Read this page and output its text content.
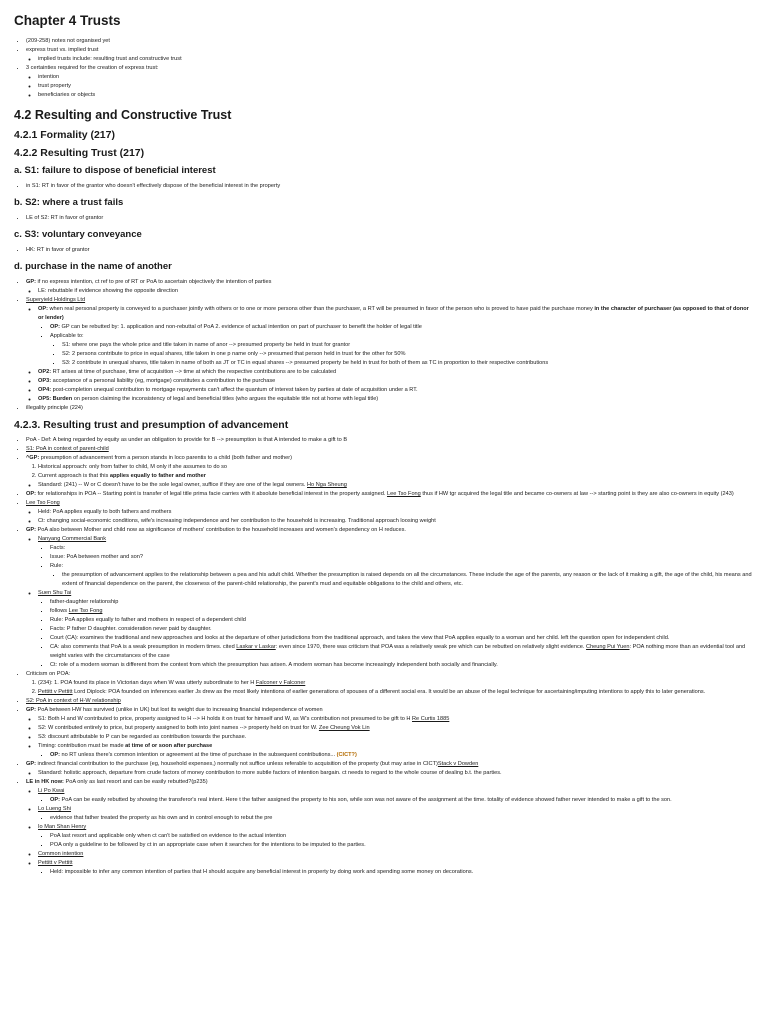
Chapter 4 Trusts
• (209-258) notes not organised yet
• express trust vs. implied trust
◦ implied trusts include: resulting trust and constructive trust
• 3 certainties required for the creation of express trust:
◦ intention
◦ trust property
◦ beneficiaries or objects
4.2 Resulting and Constructive Trust
4.2.1 Formality (217)
4.2.2 Resulting Trust (217)
a. S1: failure to dispose of beneficial interest
• in S1: RT in favor of the grantor who doesn't effectively dispose of the beneficial interest in the property
b. S2: where a trust fails
• LE of S2: RT in favor of grantor
c. S3: voluntary conveyance
• HK: RT in favor of grantor
d. purchase in the name of another
• GP: if no express intention, ct ref to pre of RT or PoA to ascertain objectively the intention of parties
◦ LE: rebuttable if evidence showing the opposite direction
• Superyield Holdings Ltd
◦ OP: when real personal property is conveyed to a purchaser jointly with others or to one or more persons other than the purchaser, a RT will be presumed in favor of the person who is proved to have paid the purchase money in the character of purchaser (as opposed to that of donor or lender)
▪ OP: GP can be rebutted by: 1. application and non-rebuttal of PoA 2. evidence of actual intention on part of purchaser to benefit the holder of legal title
▪ Applicable to:
▪ S1: where one pays the whole price and title taken in name of anor --> presumed property be held in trust for grantor
▪ S2: 2 persons contribute to price in equal shares, title taken in one p name only --> presumed that person held in trust for the other for 50%
▪ S3: 2 contribute in unequal shares, title taken in name of both as JT or TC in equal shares --> presumed property be held in trust for both of them as TC in proportion to their respective contributions
◦ OP2: RT arises at time of purchase, time of acquisition --> time at which the respective contributions are to be calculated
◦ OP3: acceptance of a personal liability (eg, mortgage) constitutes a contribution to the purchase
◦ OP4: post-completion unequal contribution to mortgage repayments can't affect the quantum of interest taken by parties at date of acquisition under a RT.
◦ OP5: Burden on person claiming the inconsistency of legal and beneficial titles (who argues the equitable title not at home with legal title)
• illegality principle (224)
4.2.3. Resulting trust and presumption of advancement
• PoA - Def: A being regarded by equity as under an obligation to provide for B --> presumption is that A intended to make a gift to B
• S1: PoA in context of parent-child
• ^GP: presumption of advancement from a person stands in loco parentis to a child (both father and mother)
1. Historical approach: only from father to child, M only if she assumes to do so
2. Current approach is that this applies equally to father and mother
◦ Standard: (241) -- W or C doesn't have to be the sole legal owner, suffice if they are one of the legal owners. Ho Nga Sheung
• OP: for relationships in POA -- Starting point is transfer of legal title prima facie carries with it absolute beneficial interest in the property assigned. Lee Tso Fong thus if HW tgr acquired the legal title and became co-owners at law --> starting point is they are also co-owners in equity (243)
• Lee Tso Fong
◦ Held: PoA applies equally to both fathers and mothers
◦ Ct: changing social-economic conditions, wife's increasing independence and her contribution to the household is increasing. Traditional approach loosing weight
• GP: PoA also between Mother and child now as significance of mothers' contribution to the household increases and women's dependency on H reduces.
◦ Nanyang Commercial Bank
▪ Facts:
▪ Issue: PoA between mother and son?
▪ Rule:
▪ the presumption of advancement applies to the relationship between a pea and his adult child. Whether the presumption is raised depends on all the circumstances. These include the age of the parents, any reason or the lack of it making a gift, the age of the child, his means and extent of financial dependence on the parent, the closeness of the parent-child relationship, the parent's mud and equitable obligations to the child and others, etc.
◦ Suen Shu Tai
▪ father-daughter relationship
▪ follows Lee Tso Fong
▪ Rule: PoA applies equally to father and mothers in respect of a dependent child
▪ Facts: P father D daughter. consideration never paid by daughter.
▪ Court (CA): examines the traditional and new approaches and looks at the departure of other jurisdictions from the traditional approach, and takes the view that PoA applies equally to a woman and her child. left the question open for independent child.
▪ CA: also comments that PoA is a weak presumption in modern times. cited Laskar v Laskar: even since 1970, there was criticism that POA was a relatively weak pre which can be rebutted on relatively slight evidence. Cheung Pui Yuen: POA nothing more than an evidential tool and weight varies with the circumstances of the case
▪ Ct: role of a modern woman is different from the context from which the presumption has arisen. A modern woman has become increasingly independent both socially and financially.
• Criticism on POA:
1. (234): 1. POA found its place in Victorian days when W was utterly subordinate to her H Falconer v Falconer
2. Pettitt v Pettitt Lord Diplock: POA founded on inferences earlier Js drew as the most likely intentions of earlier generations of spouses of a different social era. It would be an abuse of the legal technique for ascertaining/imputing intentions to apply this to later generations.
• S2: PoA in context of H-W relationship
• GP: PoA between HW has survived (unlike in UK) but lost its weight due to increasing financial independence of women
◦ S1: Both H and W contributed to price, property assigned to H --> H holds it on trust for himself and W, as W's contribution not presumed to be gift to H Re Curtis 1885
◦ S2: W contributed entirely to price, but property assigned to both into joint names --> property held on trust for W. Zee Cheung Vok Lin
◦ S3: discount attributable to P can be regarded as contribution towards the purchase.
◦ Timing: contribution must be made at time of or soon after purchase
▪ OP: no RT unless there's common intention or agreement at the time of purchase in the subsequent contributions... (CICT?)
• GP: indirect financial contribution to the purchase (eg, household expenses,) normally not suffice unless referable to acquisition of the property (but may arise in CICT)Stack v Dowden
◦ Standard: holistic approach, departure from crude factors of money contribution to more subtle factors of intention bargain. ct needs to regard to the whole course of dealing b.t. the parties.
• LE in HK now: PoA only as last resort and can be easily rebutted?(p235)
◦ Li Po Kwai
▪ OP: PoA can be easily rebutted by showing the transferor's real intent. Here t the father assigned the property to his son, while son was not aware of the assignment at the time. totality of evidence showed father never intended to make a gift to the son.
◦ Lo Lueng Shi
▪ evidence that father treated the property as his own and in control enough to rebut the pre
◦ Io Man Shan Henry
▪ PoA last resort and applicable only when ct can't be satisfied on evidence to the actual intention
▪ POA only a guideline to be followed by ct in an appropriate case when it searches for the intentions to be imputed to the parties.
◦ Common intention
◦ Pettitt v Pettitt
▪ Held: impossible to infer any common intention of parties that H should acquire any beneficial interest in property by doing work and spending some money on decorations.
